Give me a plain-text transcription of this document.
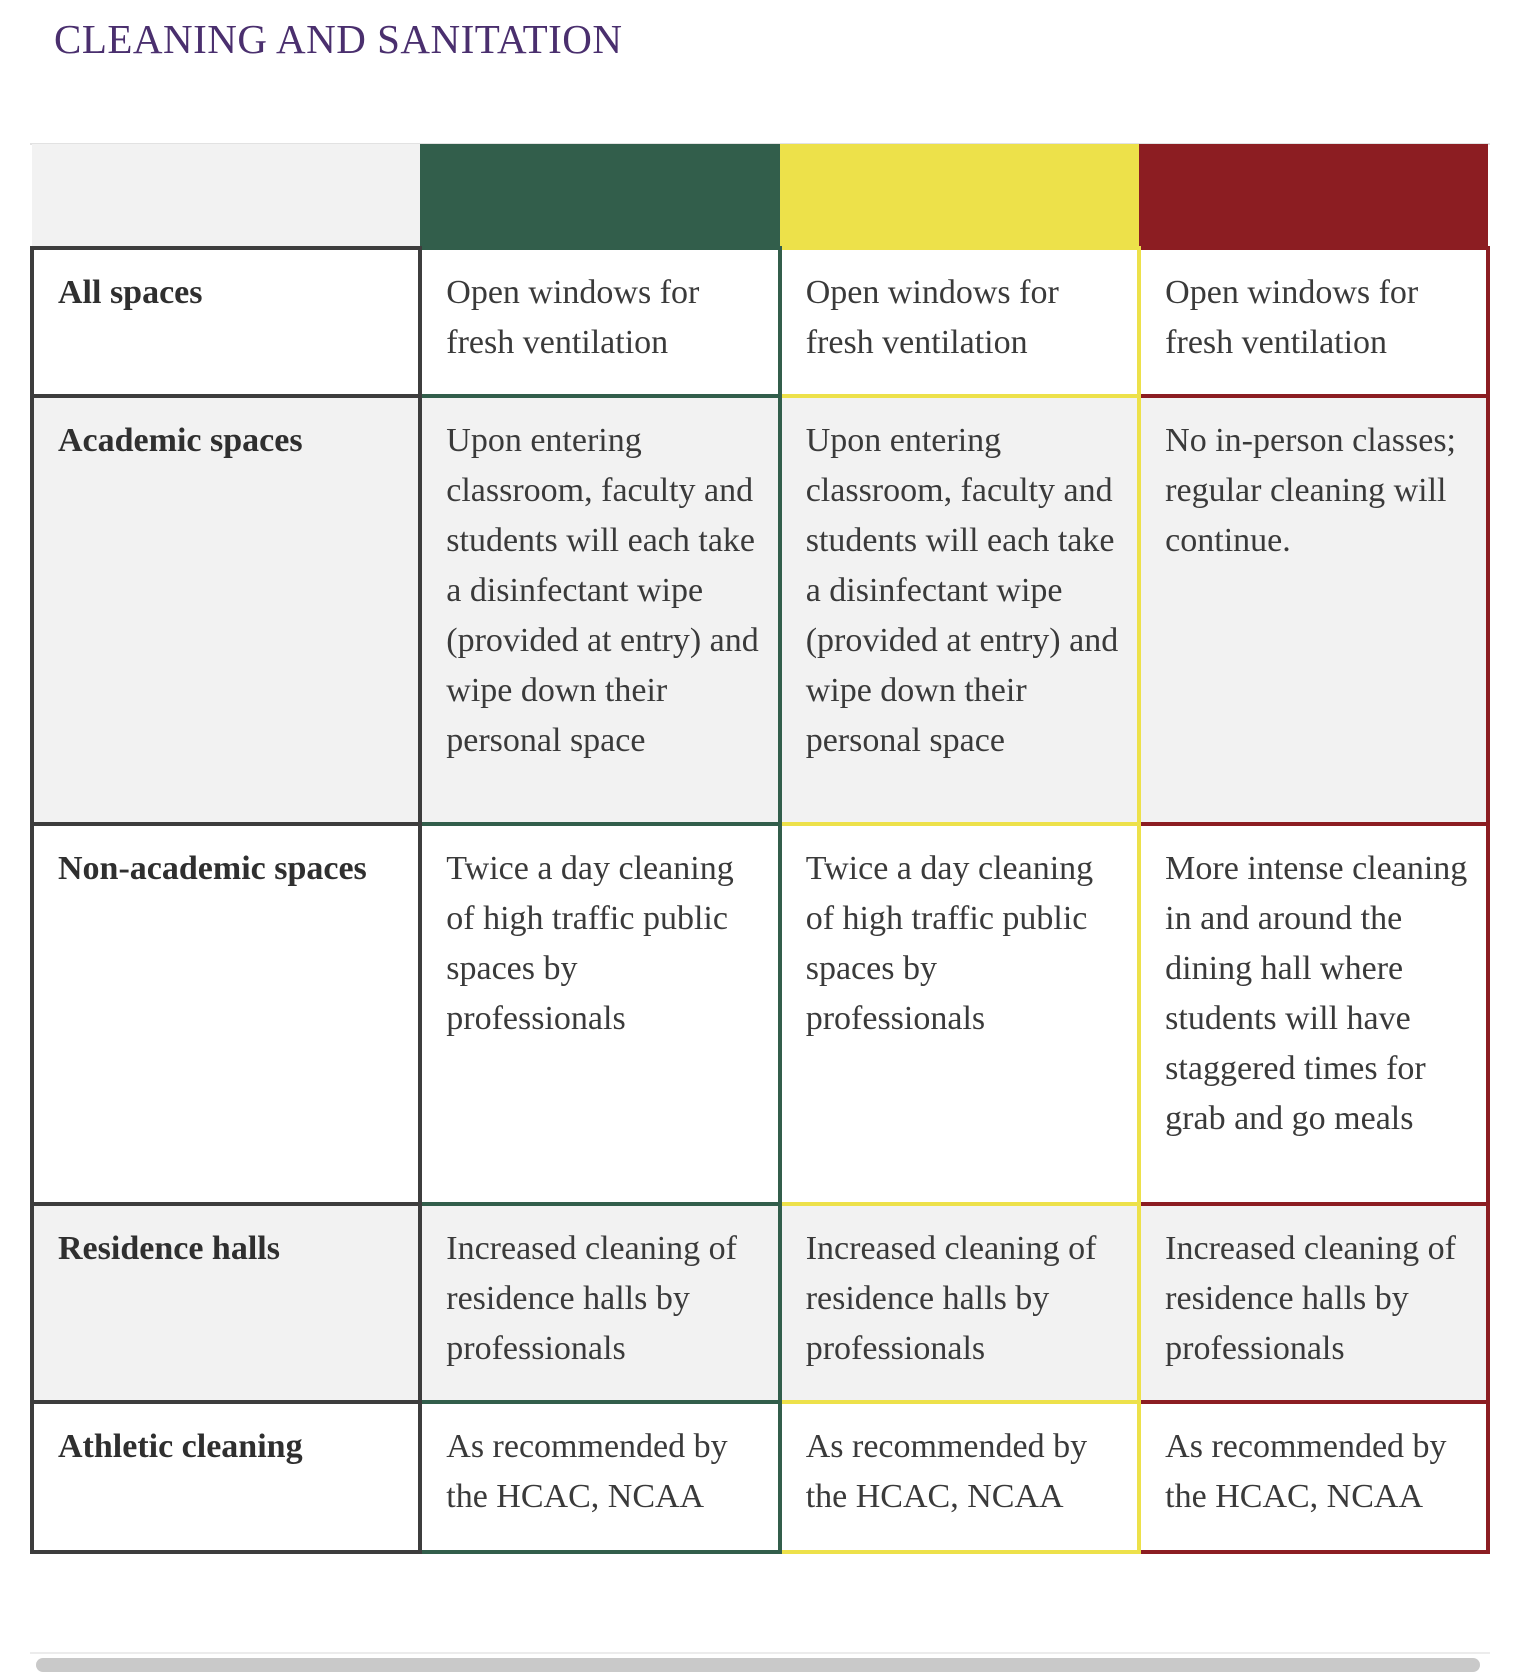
CLEANING AND SANITATION

All spaces	Open windows for fresh ventilation	Open windows for fresh ventilation	Open windows for fresh ventilation
Academic spaces	Upon entering classroom, faculty and students will each take a disinfectant wipe (provided at entry) and wipe down their personal space	Upon entering classroom, faculty and students will each take a disinfectant wipe (provided at entry) and wipe down their personal space	No in-person classes; regular cleaning will continue.
Non-academic spaces	Twice a day cleaning of high traffic public spaces by professionals	Twice a day cleaning of high traffic public spaces by professionals	More intense cleaning in and around the dining hall where students will have staggered times for grab and go meals
Residence halls	Increased cleaning of residence halls by professionals	Increased cleaning of residence halls by professionals	Increased cleaning of residence halls by professionals
Athletic cleaning	As recommended by the HCAC, NCAA	As recommended by the HCAC, NCAA	As recommended by the HCAC, NCAA
